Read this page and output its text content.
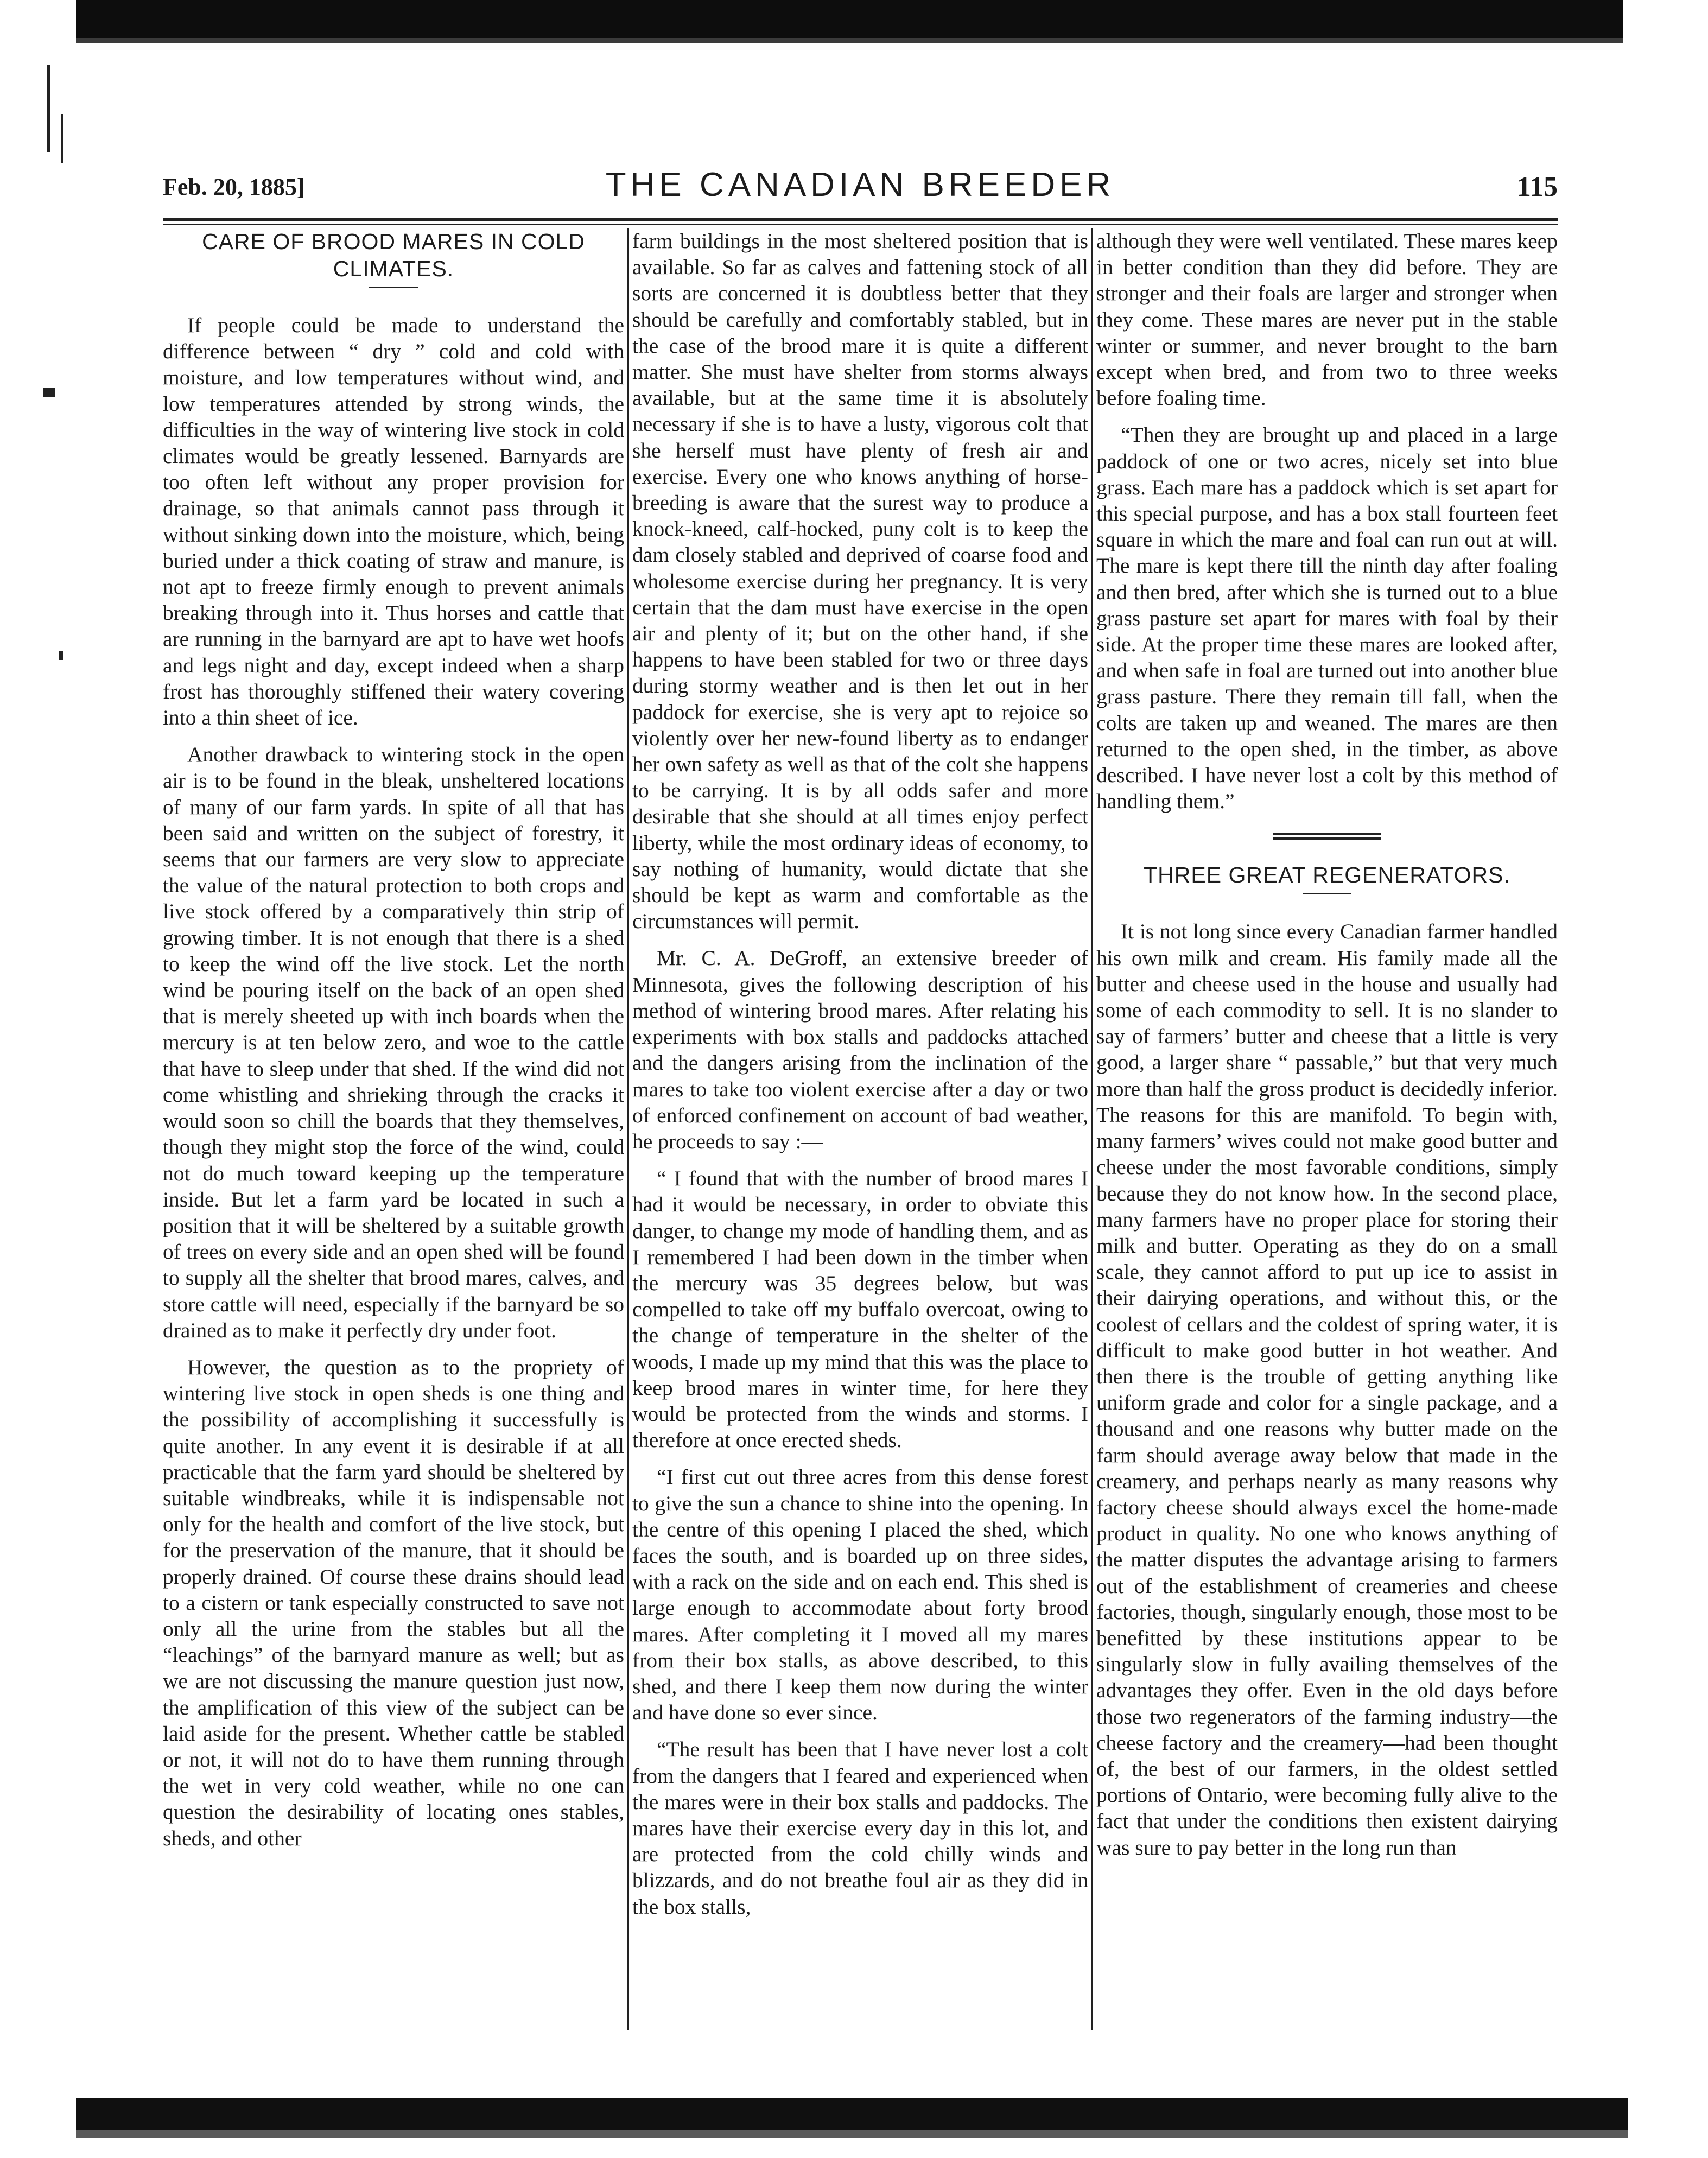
Feb. 20, 1885]	THE CANADIAN BREEDER	115
CARE OF BROOD MARES IN COLD CLIMATES.

If people could be made to understand the difference between “ dry ” cold and cold with moisture, and low temperatures without wind, and low temperatures attended by strong winds, the difficulties in the way of wintering live stock in cold climates would be greatly lessened. Barnyards are too often left without any proper provision for drainage, so that animals cannot pass through it without sinking down into the moisture, which, being buried under a thick coating of straw and manure, is not apt to freeze firmly enough to prevent animals breaking through into it. Thus horses and cattle that are running in the barnyard are apt to have wet hoofs and legs night and day, except indeed when a sharp frost has thoroughly stiffened their watery covering into a thin sheet of ice.

Another drawback to wintering stock in the open air is to be found in the bleak, unsheltered locations of many of our farm yards. In spite of all that has been said and written on the subject of forestry, it seems that our farmers are very slow to appreciate the value of the natural protection to both crops and live stock offered by a comparatively thin strip of growing timber. It is not enough that there is a shed to keep the wind off the live stock. Let the north wind be pouring itself on the back of an open shed that is merely sheeted up with inch boards when the mercury is at ten below zero, and woe to the cattle that have to sleep under that shed. If the wind did not come whistling and shrieking through the cracks it would soon so chill the boards that they themselves, though they might stop the force of the wind, could not do much toward keeping up the temperature inside. But let a farm yard be located in such a position that it will be sheltered by a suitable growth of trees on every side and an open shed will be found to supply all the shelter that brood mares, calves, and store cattle will need, especially if the barnyard be so drained as to make it perfectly dry under foot.

However, the question as to the propriety of wintering live stock in open sheds is one thing and the possibility of accomplishing it successfully is quite another. In any event it is desirable if at all practicable that the farm yard should be sheltered by suitable windbreaks, while it is indispensable not only for the health and comfort of the live stock, but for the preservation of the manure, that it should be properly drained. Of course these drains should lead to a cistern or tank especially constructed to save not only all the urine from the stables but all the “leachings” of the barnyard manure as well; but as we are not discussing the manure question just now, the amplification of this view of the subject can be laid aside for the present. Whether cattle be stabled or not, it will not do to have them running through the wet in very cold weather, while no one can question the desirability of locating ones stables, sheds, and other

farm buildings in the most sheltered position that is available. So far as calves and fattening stock of all sorts are concerned it is doubtless better that they should be carefully and comfortably stabled, but in the case of the brood mare it is quite a different matter. She must have shelter from storms always available, but at the same time it is absolutely necessary if she is to have a lusty, vigorous colt that she herself must have plenty of fresh air and exercise. Every one who knows anything of horse-breeding is aware that the surest way to produce a knock-kneed, calf-hocked, puny colt is to keep the dam closely stabled and deprived of coarse food and wholesome exercise during her pregnancy. It is very certain that the dam must have exercise in the open air and plenty of it; but on the other hand, if she happens to have been stabled for two or three days during stormy weather and is then let out in her paddock for exercise, she is very apt to rejoice so violently over her new-found liberty as to endanger her own safety as well as that of the colt she happens to be carrying. It is by all odds safer and more desirable that she should at all times enjoy perfect liberty, while the most ordinary ideas of economy, to say nothing of humanity, would dictate that she should be kept as warm and comfortable as the circumstances will permit.

Mr. C. A. DeGroff, an extensive breeder of Minnesota, gives the following description of his method of wintering brood mares. After relating his experiments with box stalls and paddocks attached and the dangers arising from the inclination of the mares to take too violent exercise after a day or two of enforced confinement on account of bad weather, he proceeds to say :—

“ I found that with the number of brood mares I had it would be necessary, in order to obviate this danger, to change my mode of handling them, and as I remembered I had been down in the timber when the mercury was 35 degrees below, but was compelled to take off my buffalo overcoat, owing to the change of temperature in the shelter of the woods, I made up my mind that this was the place to keep brood mares in winter time, for here they would be protected from the winds and storms. I therefore at once erected sheds.

“I first cut out three acres from this dense forest to give the sun a chance to shine into the opening. In the centre of this opening I placed the shed, which faces the south, and is boarded up on three sides, with a rack on the side and on each end. This shed is large enough to accommodate about forty brood mares. After completing it I moved all my mares from their box stalls, as above described, to this shed, and there I keep them now during the winter and have done so ever since.

“The result has been that I have never lost a colt from the dangers that I feared and experienced when the mares were in their box stalls and paddocks. The mares have their exercise every day in this lot, and are protected from the cold chilly winds and blizzards, and do not breathe foul air as they did in the box stalls,

although they were well ventilated. These mares keep in better condition than they did before. They are stronger and their foals are larger and stronger when they come. These mares are never put in the stable winter or summer, and never brought to the barn except when bred, and from two to three weeks before foaling time.

“Then they are brought up and placed in a large paddock of one or two acres, nicely set into blue grass. Each mare has a paddock which is set apart for this special purpose, and has a box stall fourteen feet square in which the mare and foal can run out at will. The mare is kept there till the ninth day after foaling and then bred, after which she is turned out to a blue grass pasture set apart for mares with foal by their side. At the proper time these mares are looked after, and when safe in foal are turned out into another blue grass pasture. There they remain till fall, when the colts are taken up and weaned. The mares are then returned to the open shed, in the timber, as above described. I have never lost a colt by this method of handling them.”

THREE GREAT REGENERATORS.

It is not long since every Canadian farmer handled his own milk and cream. His family made all the butter and cheese used in the house and usually had some of each commodity to sell. It is no slander to say of farmers’ butter and cheese that a little is very good, a larger share “ passable,” but that very much more than half the gross product is decidedly inferior. The reasons for this are manifold. To begin with, many farmers’ wives could not make good butter and cheese under the most favorable conditions, simply because they do not know how. In the second place, many farmers have no proper place for storing their milk and butter. Operating as they do on a small scale, they cannot afford to put up ice to assist in their dairying operations, and without this, or the coolest of cellars and the coldest of spring water, it is difficult to make good butter in hot weather. And then there is the trouble of getting anything like uniform grade and color for a single package, and a thousand and one reasons why butter made on the farm should average away below that made in the creamery, and perhaps nearly as many reasons why factory cheese should always excel the home-made product in quality. No one who knows anything of the matter disputes the advantage arising to farmers out of the establishment of creameries and cheese factories, though, singularly enough, those most to be benefitted by these institutions appear to be singularly slow in fully availing themselves of the advantages they offer. Even in the old days before those two regenerators of the farming industry—the cheese factory and the creamery—had been thought of, the best of our farmers, in the oldest settled portions of Ontario, were becoming fully alive to the fact that under the conditions then existent dairying was sure to pay better in the long run than
